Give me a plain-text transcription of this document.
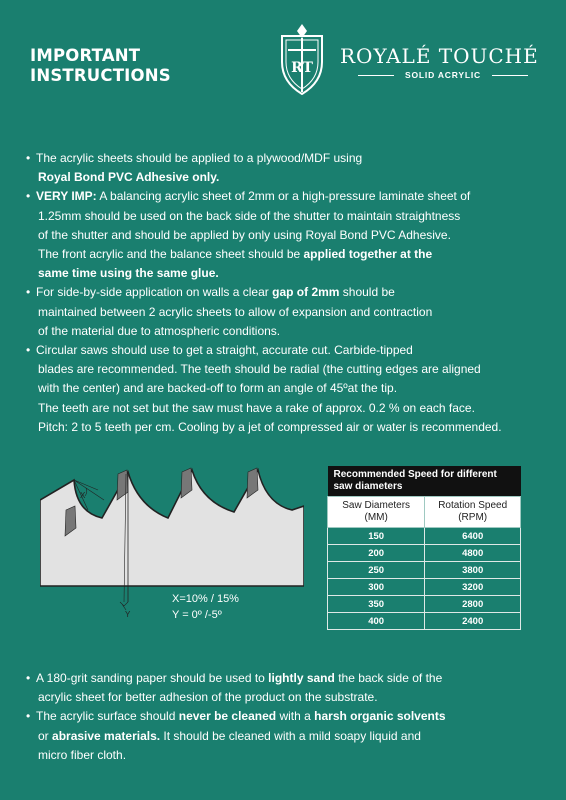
IMPORTANT
INSTRUCTIONS	RT ROYALÉ TOUCHÉ
SOLID ACRYLIC
• The acrylic sheets should be applied to a plywood/MDF using
Royal Bond PVC Adhesive only.
• VERY IMP: A balancing acrylic sheet of 2mm or a high-pressure laminate sheet of
1.25mm should be used on the back side of the shutter to maintain straightness
of the shutter and should be applied by only using Royal Bond PVC Adhesive.
The front acrylic and the balance sheet should be applied together at the
same time using the same glue.
• For side-by-side application on walls a clear gap of 2mm should be
maintained between 2 acrylic sheets to allow of expansion and contraction
of the material due to atmospheric conditions.
• Circular saws should use to get a straight, accurate cut. Carbide-tipped
blades are recommended. The teeth should be radial (the cutting edges are aligned
with the center) and are backed-off to form an angle of 45ºat the tip.
The teeth are not set but the saw must have a rake of approx. 0.2 % on each face.
Pitch: 2 to 5 teeth per cm. Cooling by a jet of compressed air or water is recommended.
X
Y
X=10% / 15%
Y = 0º /-5º
Recommended Speed for different saw diameters	
Saw Diameters
(MM)	Rotation Speed
(RPM)
150	6400
200	4800
250	3800
300	3200
350	2800
400	2400
• A 180-grit sanding paper should be used to lightly sand the back side of the
acrylic sheet for better adhesion of the product on the substrate.
• The acrylic surface should never be cleaned with a harsh organic solvents
or abrasive materials. It should be cleaned with a mild soapy liquid and
micro fiber cloth.
